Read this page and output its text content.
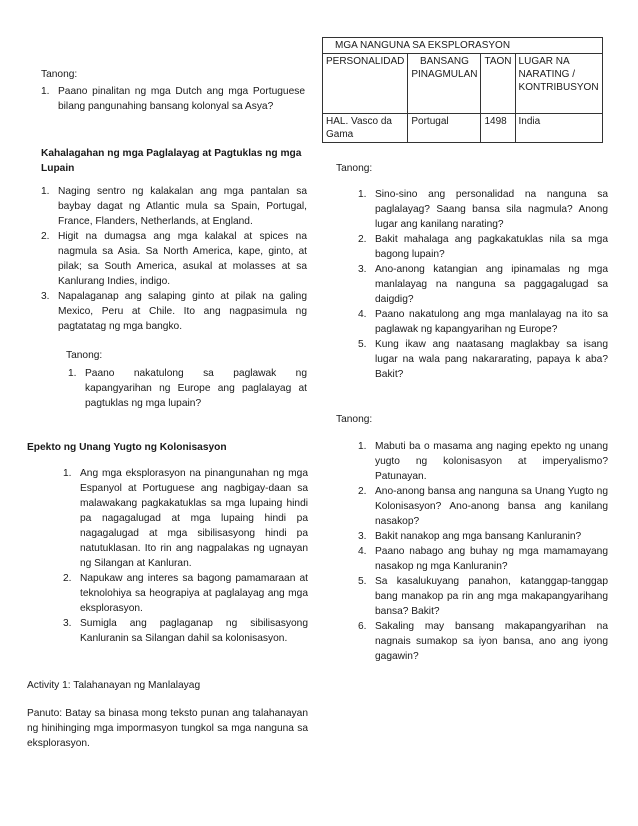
Tanong:
1. Paano pinalitan ng mga Dutch ang mga Portuguese bilang pangunahing bansang kolonyal sa Asya?
Kahalagahan ng mga Paglalayag at Pagtuklas ng mga Lupain
1. Naging sentro ng kalakalan ang mga pantalan sa baybay dagat ng Atlantic mula sa Spain, Portugal, France, Flanders, Netherlands, at England.
2. Higit na dumagsa ang mga kalakal at spices na nagmula sa Asia. Sa North America, kape, ginto, at pilak; sa South America, asukal at molasses at sa Kanlurang Indies, indigo.
3. Napalaganap ang salaping ginto at pilak na galing Mexico, Peru at Chile. Ito ang nagpasimula ng pagtatatag ng mga bangko.
Tanong:
1. Paano nakatulong sa paglawak ng kapangyarihan ng Europe ang paglalayag at pagtuklas ng mga lupain?
Epekto ng Unang Yugto ng Kolonisasyon
1. Ang mga eksplorasyon na pinangunahan ng mga Espanyol at Portuguese ang nagbigay-daan sa malawakang pagkakatuklas sa mga lupaing hindi pa nagagalugad at mga lupaing hindi pa nagagalugad at mga sibilisasyong hindi pa natutuklasan. Ito rin ang nagpalakas ng ugnayan ng Silangan at Kanluran.
2. Napukaw ang interes sa bagong pamamaraan at teknolohiya sa heograpiya at paglalayag ang mga eksplorasyon.
3. Sumigla ang paglaganap ng sibilisasyong Kanluranin sa Silangan dahil sa kolonisasyon.
Activity 1: Talahanayan ng Manlalayag
Panuto: Batay sa binasa mong teksto punan ang talahanayan ng hinihinging mga impormasyon tungkol sa mga nanguna sa eksplorasyon.
MGA NANGUNA SA EKSPLORASYON			
PERSONALIDAD	BANSANG PINAGMULAN	TAON	LUGAR NA NARATING / KONTRIBUSYON
HAL. Vasco da Gama	Portugal	1498	India
Tanong:
1. Sino-sino ang personalidad na nanguna sa paglalayag? Saang bansa sila nagmula? Anong lugar ang kanilang narating?
2. Bakit mahalaga ang pagkakatuklas nila sa mga bagong lupain?
3. Ano-anong katangian ang ipinamalas ng mga manlalayag na nanguna sa paggagalugad sa daigdig?
4. Paano nakatulong ang mga manlalayag na ito sa paglawak ng kapangyarihan ng Europe?
5. Kung ikaw ang naatasang maglakbay sa isang lugar na wala pang nakararating, papaya k aba? Bakit?
Tanong:
1. Mabuti ba o masama ang naging epekto ng unang yugto ng kolonisasyon at imperyalismo? Patunayan.
2. Ano-anong bansa ang nanguna sa Unang Yugto ng Kolonisasyon? Ano-anong bansa ang kanilang nasakop?
3. Bakit nanakop ang mga bansang Kanluranin?
4. Paano nabago ang buhay ng mga mamamayang nasakop ng mga Kanluranin?
5. Sa kasalukuyang panahon, katanggap-tanggap bang manakop pa rin ang mga makapangyarihang bansa? Bakit?
6. Sakaling may bansang makapangyarihan na nagnais sumakop sa iyon bansa, ano ang iyong gagawin?
